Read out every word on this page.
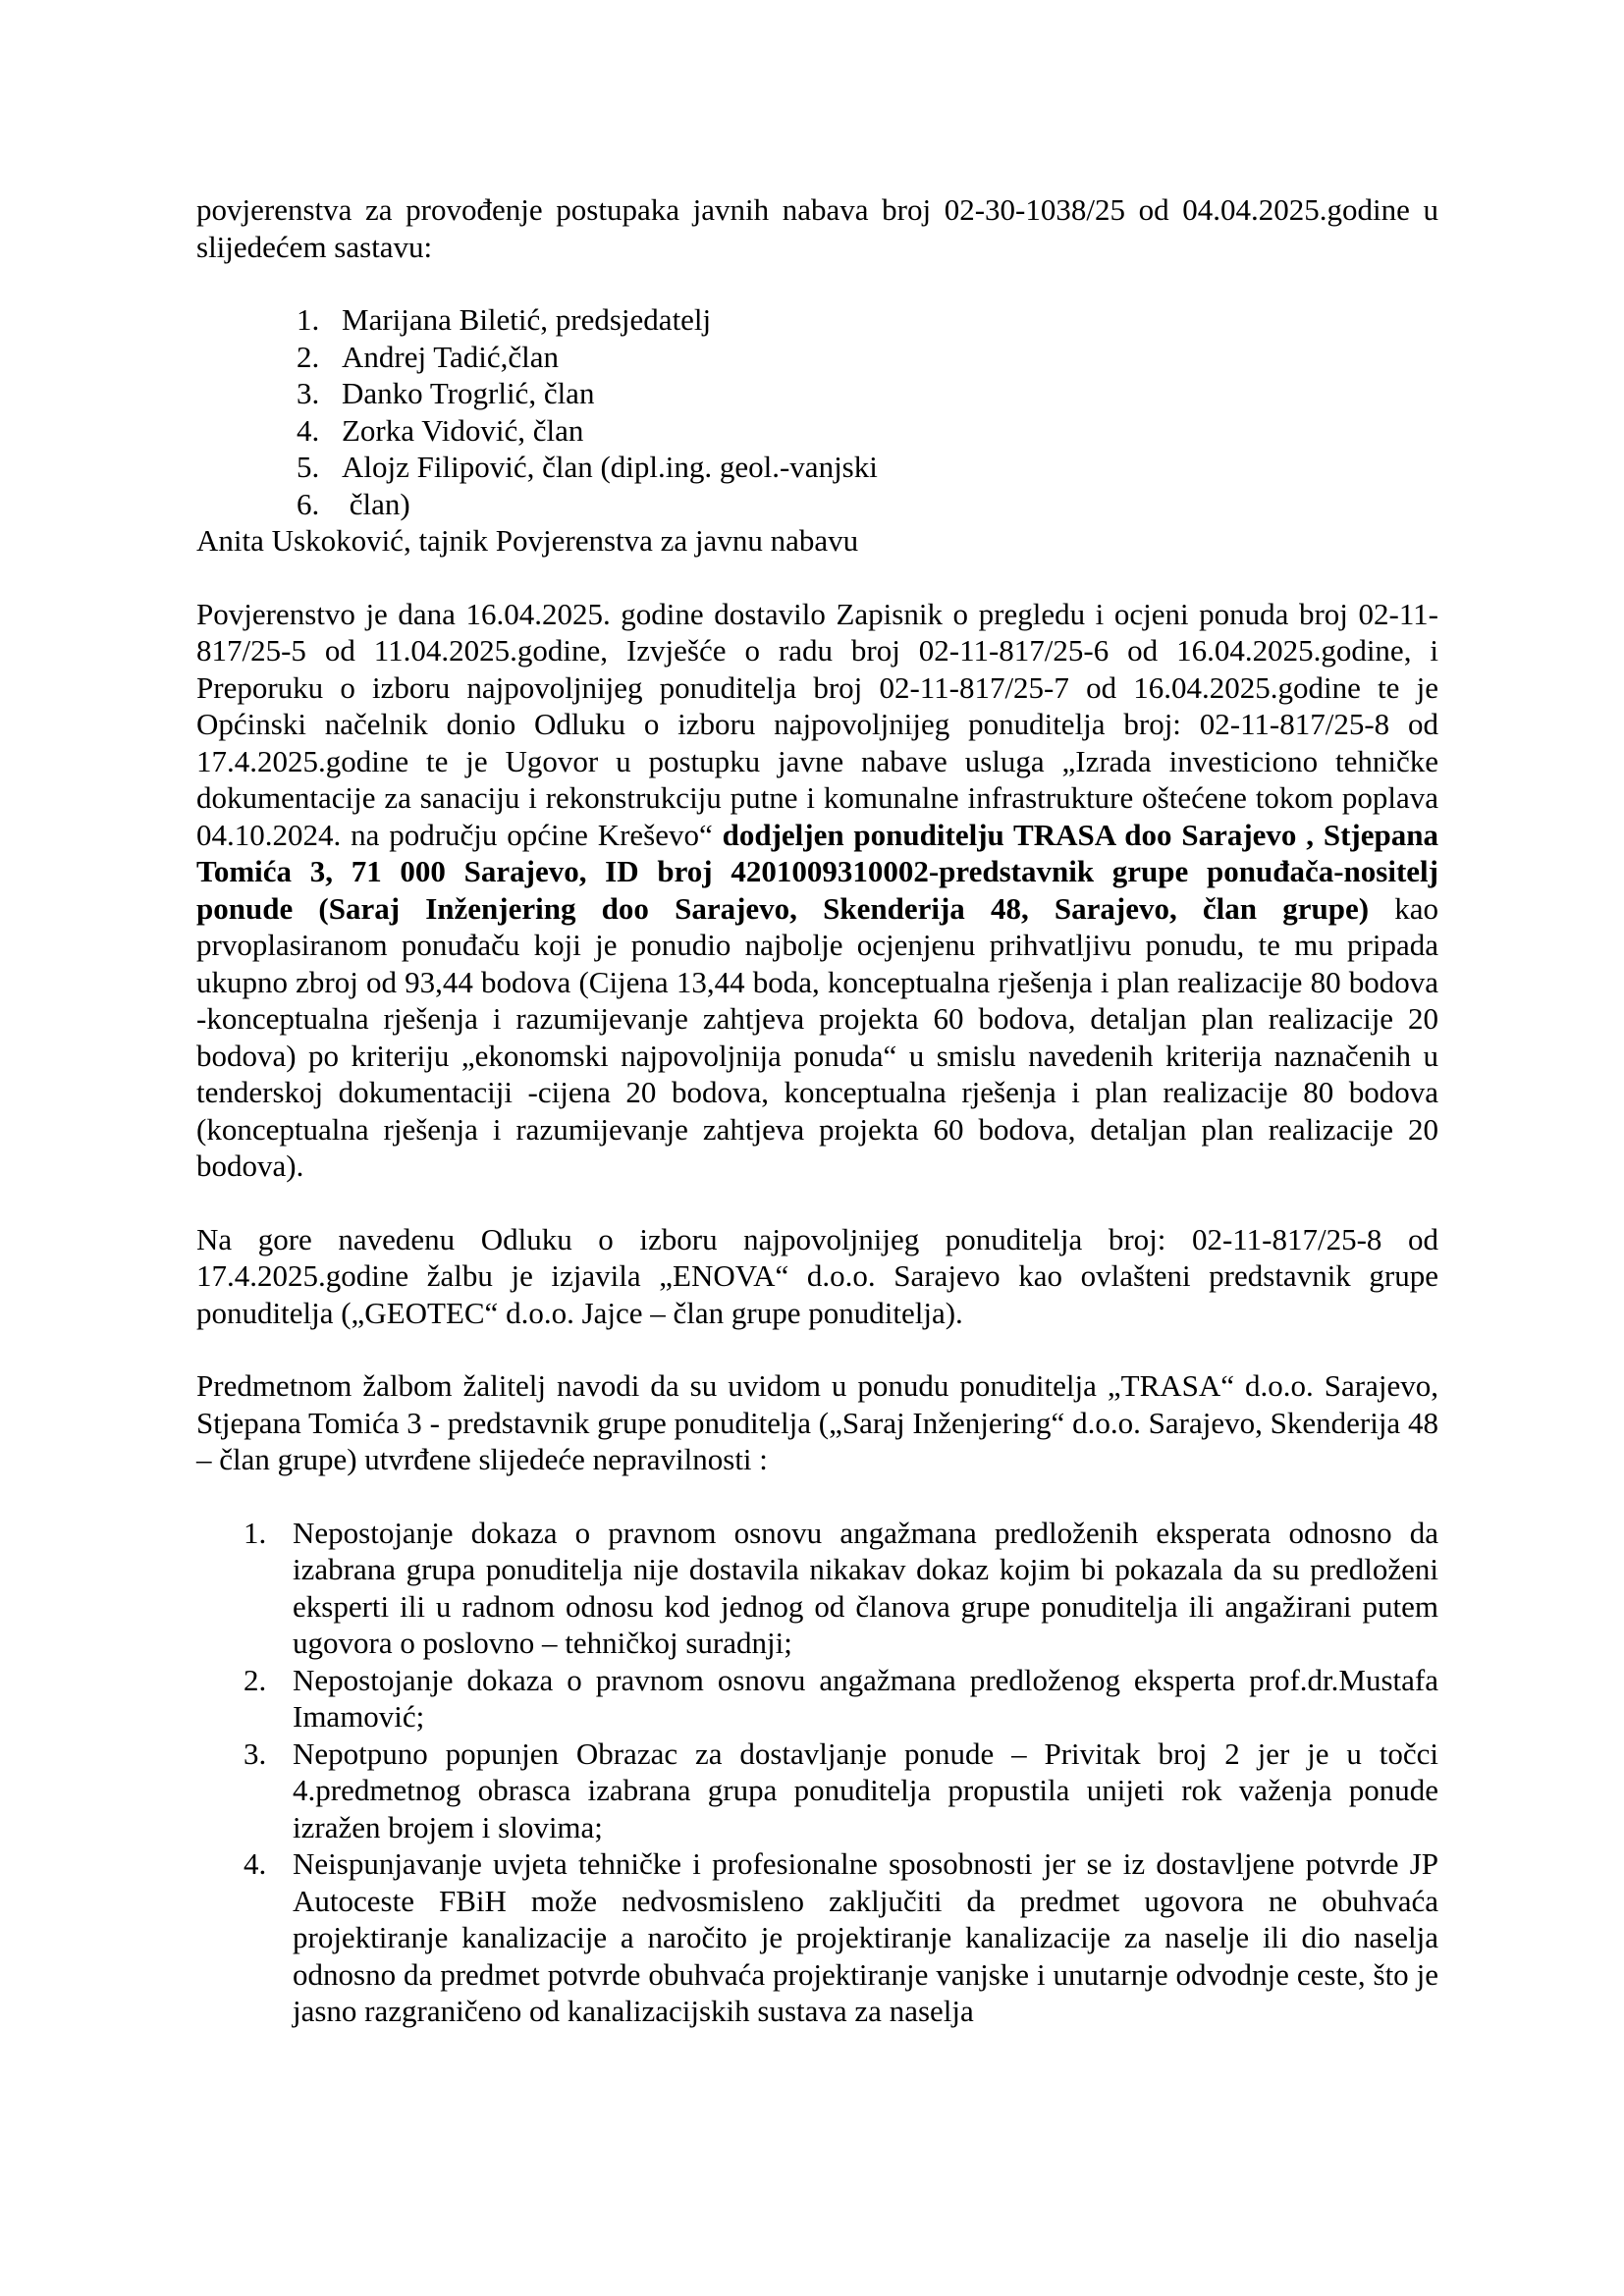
povjerenstva za provođenje postupaka javnih nabava broj 02-30-1038/25 od 04.04.2025.godine u slijedećem sastavu:

1. Marijana Biletić, predsjedatelj
2. Andrej Tadić,član
3. Danko Trogrlić, član
4. Zorka Vidović, član
5. Alojz Filipović, član (dipl.ing. geol.-vanjski
6. član)
Anita Uskoković, tajnik Povjerenstva za javnu nabavu

Povjerenstvo je dana 16.04.2025. godine dostavilo Zapisnik o pregledu i ocjeni ponuda broj 02-11-817/25-5 od 11.04.2025.godine, Izvješće o radu broj 02-11-817/25-6 od 16.04.2025.godine, i Preporuku o izboru najpovoljnijeg ponuditelja broj 02-11-817/25-7 od 16.04.2025.godine te je Općinski načelnik donio Odluku o izboru najpovoljnijeg ponuditelja broj: 02-11-817/25-8 od 17.4.2025.godine te je Ugovor u postupku javne nabave usluga „Izrada investiciono tehničke dokumentacije za sanaciju i rekonstrukciju putne i komunalne infrastrukture oštećene tokom poplava 04.10.2024. na području općine Kreševo“ dodjeljen ponuditelju TRASA doo Sarajevo , Stjepana Tomića 3, 71 000 Sarajevo, ID broj 4201009310002-predstavnik grupe ponuđača-nositelj ponude (Saraj Inženjering doo Sarajevo, Skenderija 48, Sarajevo, član grupe) kao prvoplasiranom ponuđaču koji je ponudio najbolje ocjenjenu prihvatljivu ponudu, te mu pripada ukupno zbroj od 93,44 bodova (Cijena 13,44 boda, konceptualna rješenja i plan realizacije 80 bodova -konceptualna rješenja i razumijevanje zahtjeva projekta 60 bodova, detaljan plan realizacije 20 bodova) po kriteriju „ekonomski najpovoljnija ponuda“ u smislu navedenih kriterija naznačenih u tenderskoj dokumentaciji -cijena 20 bodova, konceptualna rješenja i plan realizacije 80 bodova (konceptualna rješenja i razumijevanje zahtjeva projekta 60 bodova, detaljan plan realizacije 20 bodova).

Na gore navedenu Odluku o izboru najpovoljnijeg ponuditelja broj: 02-11-817/25-8 od 17.4.2025.godine žalbu je izjavila „ENOVA“ d.o.o. Sarajevo kao ovlašteni predstavnik grupe ponuditelja („GEOTEC“ d.o.o. Jajce – član grupe ponuditelja).

Predmetnom žalbom žalitelj navodi da su uvidom u ponudu ponuditelja „TRASA“ d.o.o. Sarajevo, Stjepana Tomića 3 - predstavnik grupe ponuditelja („Saraj Inženjering“ d.o.o. Sarajevo, Skenderija 48 – član grupe) utvrđene slijedeće nepravilnosti :

1. Nepostojanje dokaza o pravnom osnovu angažmana predloženih eksperata odnosno da izabrana grupa ponuditelja nije dostavila nikakav dokaz kojim bi pokazala da su predloženi eksperti ili u radnom odnosu kod jednog od članova grupe ponuditelja ili angažirani putem ugovora o poslovno – tehničkoj suradnji;
2. Nepostojanje dokaza o pravnom osnovu angažmana predloženog eksperta prof.dr.Mustafa Imamović;
3. Nepotpuno popunjen Obrazac za dostavljanje ponude – Privitak broj 2 jer je u točci 4.predmetnog obrasca izabrana grupa ponuditelja propustila unijeti rok važenja ponude izražen brojem i slovima;
4. Neispunjavanje uvjeta tehničke i profesionalne sposobnosti jer se iz dostavljene potvrde JP Autoceste FBiH može nedvosmisleno zaključiti da predmet ugovora ne obuhvaća projektiranje kanalizacije a naročito je projektiranje kanalizacije za naselje ili dio naselja odnosno da predmet potvrde obuhvaća projektiranje vanjske i unutarnje odvodnje ceste, što je jasno razgraničeno od kanalizacijskih sustava za naselja
